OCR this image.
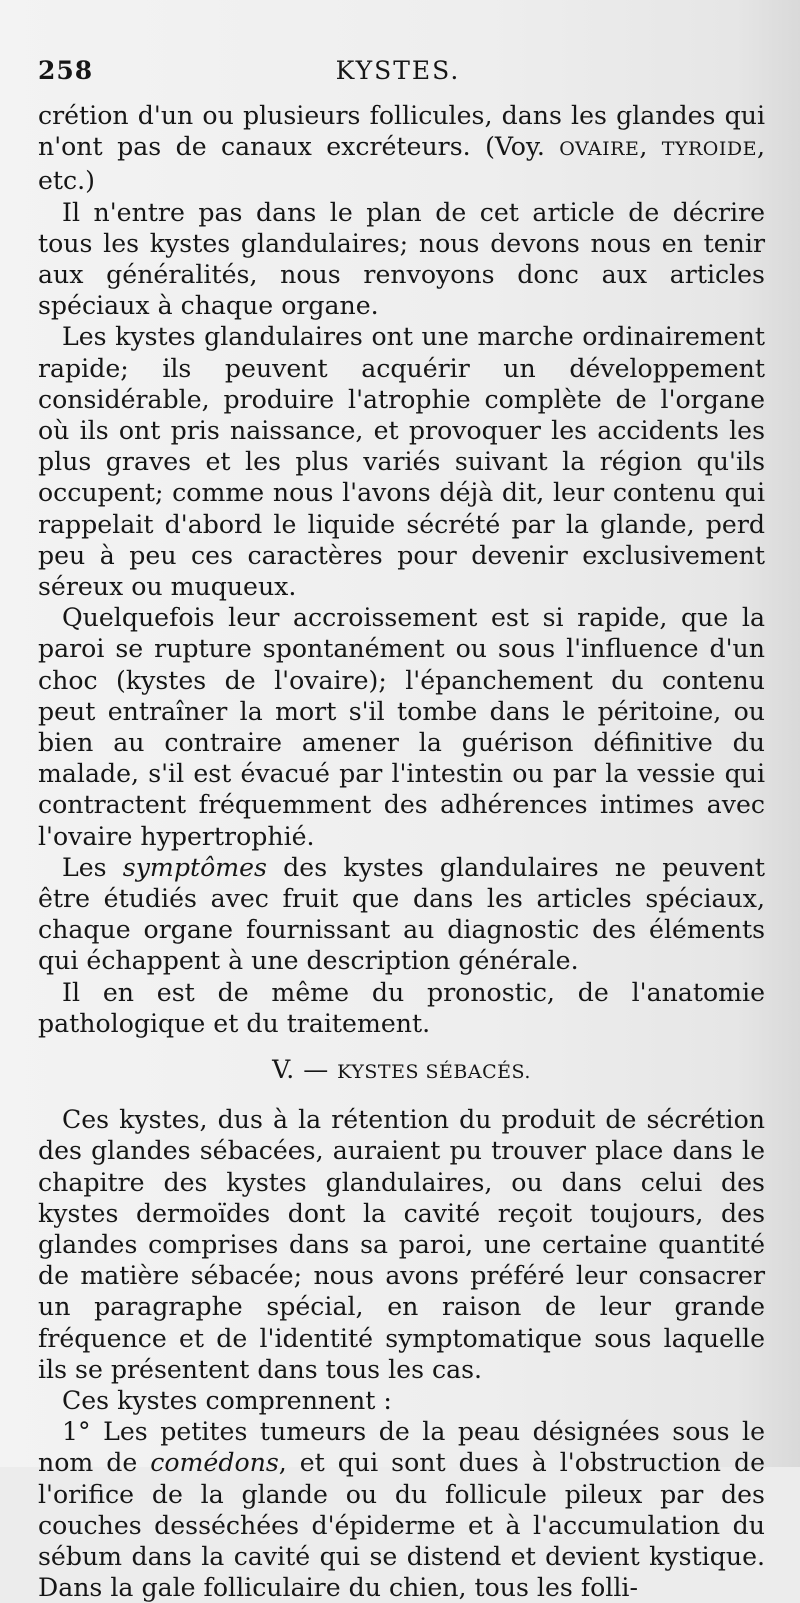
258	KYSTES.

crétion d'un ou plusieurs follicules, dans les glandes qui n'ont pas de canaux excréteurs. (Voy. OVAIRE, TYROIDE, etc.)

Il n'entre pas dans le plan de cet article de décrire tous les kystes glandulaires; nous devons nous en tenir aux généralités, nous renvoyons donc aux articles spéciaux à chaque organe.

Les kystes glandulaires ont une marche ordinairement rapide; ils peuvent acquérir un développement considérable, produire l'atrophie complète de l'organe où ils ont pris naissance, et provoquer les accidents les plus graves et les plus variés suivant la région qu'ils occupent; comme nous l'avons déjà dit, leur contenu qui rappelait d'abord le liquide sécrété par la glande, perd peu à peu ces caractères pour devenir exclusivement séreux ou muqueux.

Quelquefois leur accroissement est si rapide, que la paroi se rupture spontanément ou sous l'influence d'un choc (kystes de l'ovaire); l'épanchement du contenu peut entraîner la mort s'il tombe dans le péritoine, ou bien au contraire amener la guérison définitive du malade, s'il est évacué par l'intestin ou par la vessie qui contractent fréquemment des adhérences intimes avec l'ovaire hypertrophié.

Les symptômes des kystes glandulaires ne peuvent être étudiés avec fruit que dans les articles spéciaux, chaque organe fournissant au diagnostic des éléments qui échappent à une description générale.

Il en est de même du pronostic, de l'anatomie pathologique et du traitement.

V. — KYSTES SÉBACÉS.

Ces kystes, dus à la rétention du produit de sécrétion des glandes sébacées, auraient pu trouver place dans le chapitre des kystes glandulaires, ou dans celui des kystes dermoïdes dont la cavité reçoit toujours, des glandes comprises dans sa paroi, une certaine quantité de matière sébacée; nous avons préféré leur consacrer un paragraphe spécial, en raison de leur grande fréquence et de l'identité symptomatique sous laquelle ils se présentent dans tous les cas.

Ces kystes comprennent :

1° Les petites tumeurs de la peau désignées sous le nom de comédons, et qui sont dues à l'obstruction de l'orifice de la glande ou du follicule pileux par des couches desséchées d'épiderme et à l'accumulation du sébum dans la cavité qui se distend et devient kystique. Dans la gale folliculaire du chien, tous les folli-
